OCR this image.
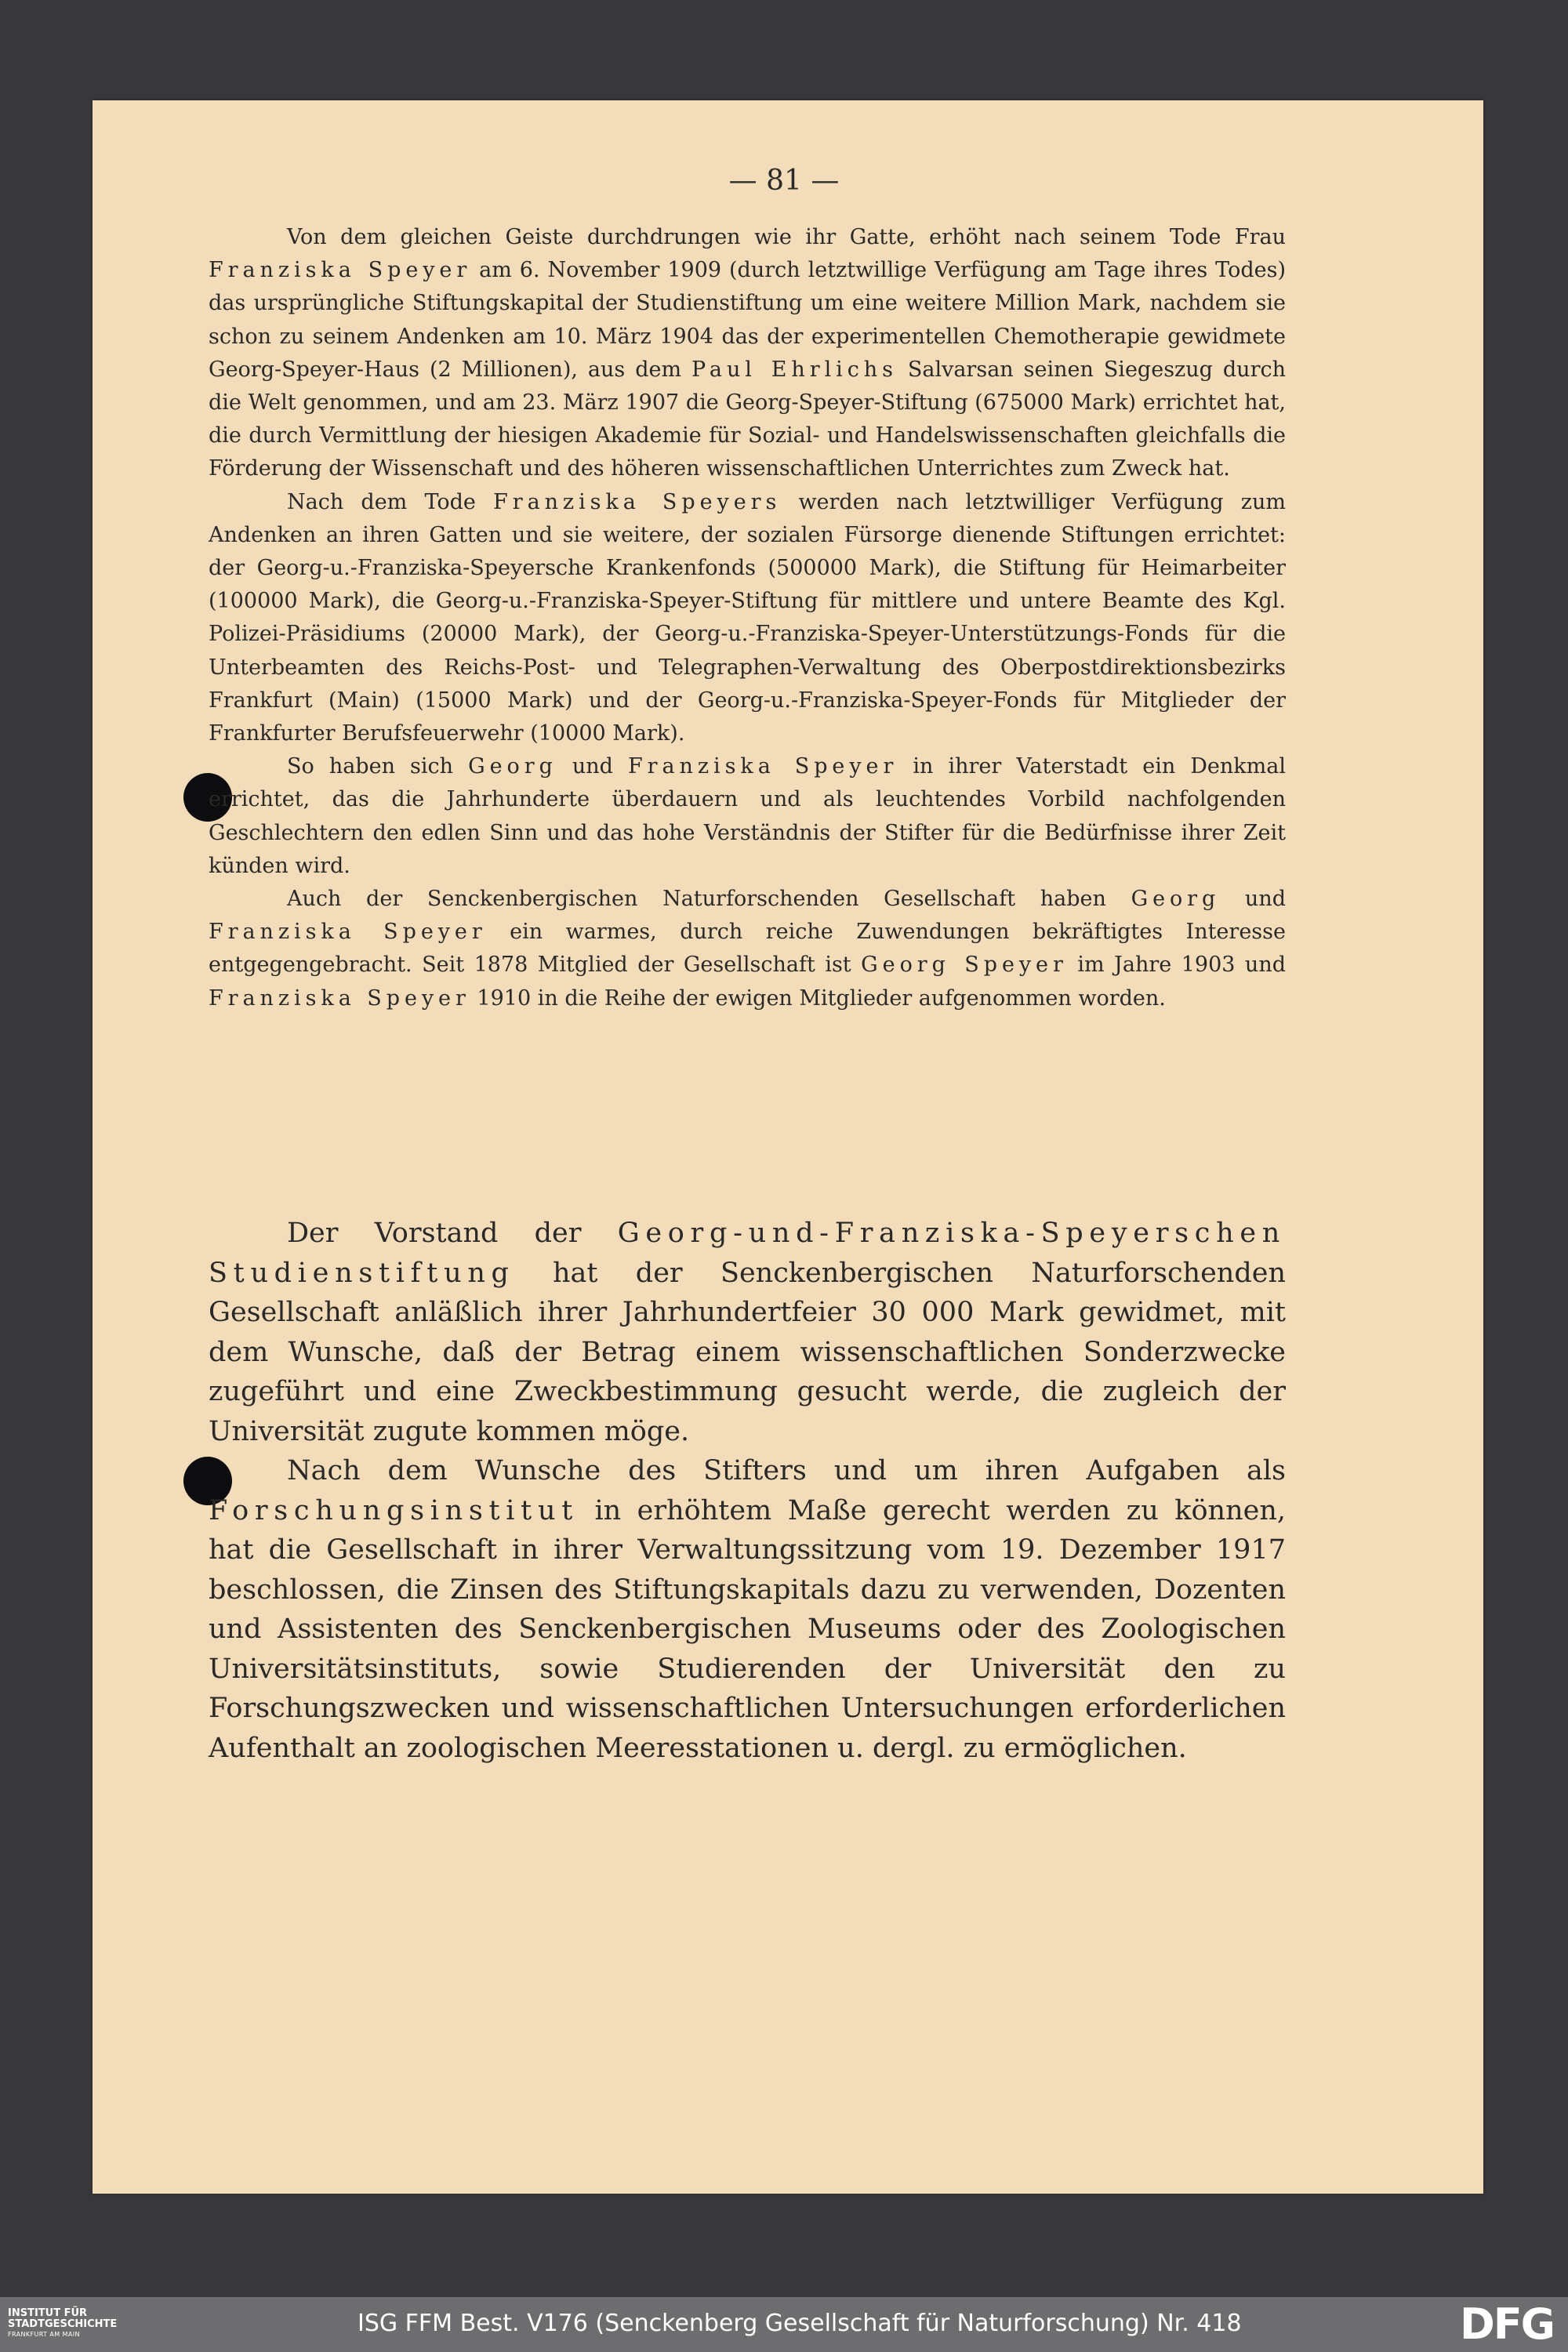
— 81 —

Von dem gleichen Geiste durchdrungen wie ihr Gatte, erhöht nach seinem Tode Frau Franziska Speyer am 6. November 1909 (durch letztwillige Verfügung am Tage ihres Todes) das ursprüngliche Stiftungskapital der Studienstiftung um eine weitere Million Mark, nachdem sie schon zu seinem Andenken am 10. März 1904 das der experimentellen Chemotherapie gewidmete Georg-Speyer-Haus (2 Millionen), aus dem Paul Ehrlichs Salvarsan seinen Siegeszug durch die Welt genommen, und am 23. März 1907 die Georg-Speyer-Stiftung (675000 Mark) errichtet hat, die durch Vermittlung der hiesigen Akademie für Sozial- und Handelswissenschaften gleichfalls die Förderung der Wissenschaft und des höheren wissenschaftlichen Unterrichtes zum Zweck hat.

Nach dem Tode Franziska Speyers werden nach letztwilliger Verfügung zum Andenken an ihren Gatten und sie weitere, der sozialen Fürsorge dienende Stiftungen errichtet: der Georg-u.-Franziska-Speyersche Krankenfonds (500000 Mark), die Stiftung für Heimarbeiter (100000 Mark), die Georg-u.-Franziska-Speyer-Stiftung für mittlere und untere Beamte des Kgl. Polizei-Präsidiums (20000 Mark), der Georg-u.-Franziska-Speyer-Unterstützungs-Fonds für die Unterbeamten des Reichs-Post- und Telegraphen-Verwaltung des Oberpostdirektionsbezirks Frankfurt (Main) (15000 Mark) und der Georg-u.-Franziska-Speyer-Fonds für Mitglieder der Frankfurter Berufsfeuerwehr (10000 Mark).

So haben sich Georg und Franziska Speyer in ihrer Vaterstadt ein Denkmal errichtet, das die Jahrhunderte überdauern und als leuchtendes Vorbild nachfolgenden Geschlechtern den edlen Sinn und das hohe Verständnis der Stifter für die Bedürfnisse ihrer Zeit künden wird.

Auch der Senckenbergischen Naturforschenden Gesellschaft haben Georg und Franziska Speyer ein warmes, durch reiche Zuwendungen bekräftigtes Interesse entgegengebracht. Seit 1878 Mitglied der Gesellschaft ist Georg Speyer im Jahre 1903 und Franziska Speyer 1910 in die Reihe der ewigen Mitglieder aufgenommen worden.

Der Vorstand der Georg-und-Franziska-Speyerschen Studienstiftung hat der Senckenbergischen Naturforschenden Gesellschaft anläßlich ihrer Jahrhundertfeier 30 000 Mark gewidmet, mit dem Wunsche, daß der Betrag einem wissenschaftlichen Sonderzwecke zugeführt und eine Zweckbestimmung gesucht werde, die zugleich der Universität zugute kommen möge.

Nach dem Wunsche des Stifters und um ihren Aufgaben als Forschungsinstitut in erhöhtem Maße gerecht werden zu können, hat die Gesellschaft in ihrer Verwaltungssitzung vom 19. Dezember 1917 beschlossen, die Zinsen des Stiftungskapitals dazu zu verwenden, Dozenten und Assistenten des Senckenbergischen Museums oder des Zoologischen Universitätsinstituts, sowie Studierenden der Universität den zu Forschungszwecken und wissenschaftlichen Untersuchungen erforderlichen Aufenthalt an zoologischen Meeresstationen u. dergl. zu ermöglichen.

INSTITUT FÜR
STADTGESCHICHTE
FRANKFURT AM MAIN	ISG FFM Best. V176 (Senckenberg Gesellschaft für Naturforschung) Nr. 418	DFG
